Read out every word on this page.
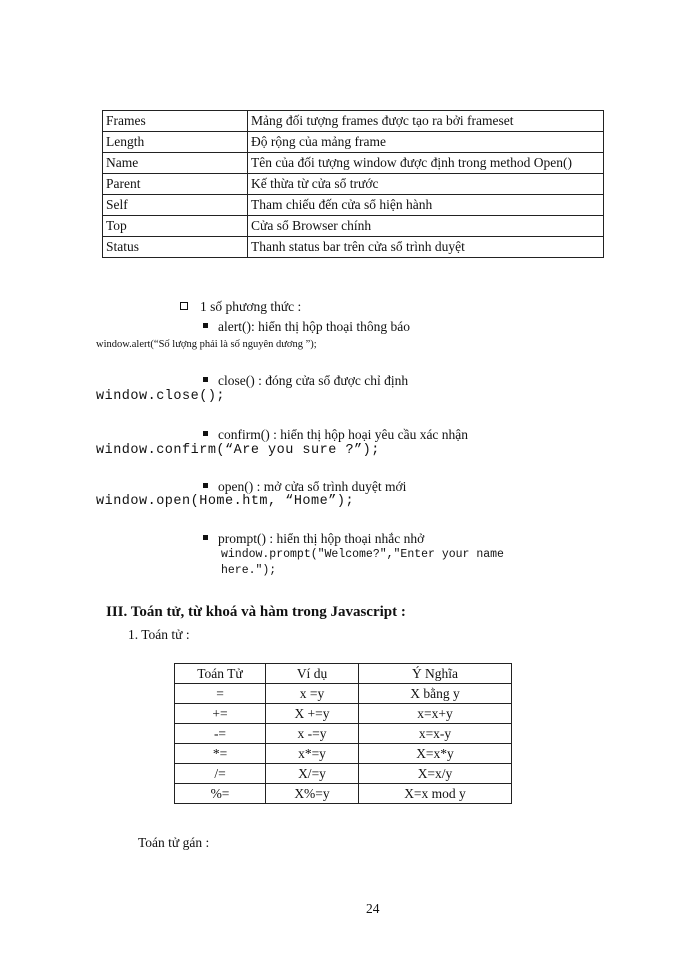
Frames	Mảng đối tượng frames được tạo ra bởi frameset
Length	Độ rộng của mảng frame
Name	Tên của đối tượng window được định trong method Open()
Parent	Kế thừa từ cửa sổ trước
Self	Tham chiếu đến cửa sổ hiện hành
Top	Cửa sổ Browser chính
Status	Thanh status bar trên cửa sổ trình duyệt
1 số phương thức :
alert(): hiển thị hộp thoại thông báo
window.alert(“Số lượng phải là số nguyên dương ”);
close() : đóng cửa sổ được chỉ định
window.close();
confirm() : hiển thị hộp hoại yêu cầu xác nhận
window.confirm(“Are you sure ?”);
open() : mở cửa sổ trình duyệt mới
window.open(Home.htm, “Home”);
prompt() : hiển thị hộp thoại nhắc nhở
window.prompt("Welcome?","Enter your name
here.");
III. Toán tử, từ khoá và hàm trong Javascript :
1. Toán tử :
Toán Tử	Ví dụ	Ý Nghĩa
=	x =y	X bằng y
+=	X +=y	x=x+y
-=	x -=y	x=x-y
*=	x*=y	X=x*y
/=	X/=y	X=x/y
%=	X%=y	X=x mod y
Toán tử gán :
24
